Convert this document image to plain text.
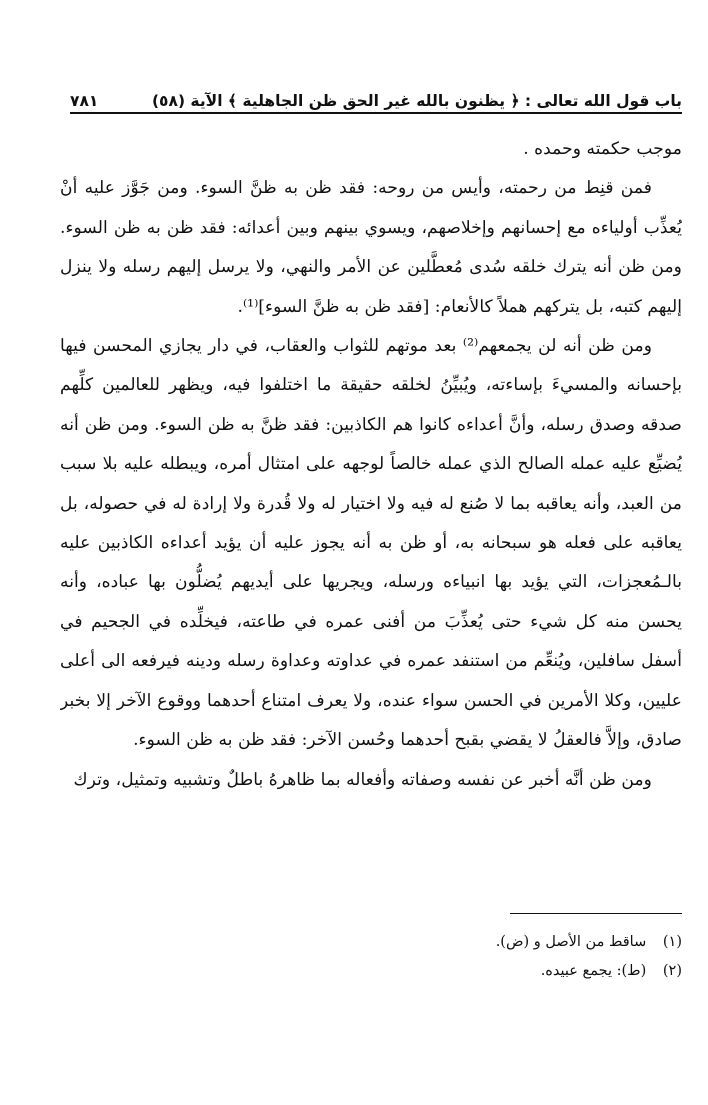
باب قول الله تعالى : ﴿ يظنون بالله غير الحق ظن الجاهلية ﴾ الآية (٥٨)
٧٨١

موجب حكمته وحمده .

فمن قنِط من رحمته، وأيس من روحه: فقد ظن به ظنَّ السوء. ومن جَوَّز عليه أنْ يُعذِّب أولياءه مع إحسانهم وإخلاصهم، ويسوي بينهم وبين أعدائه: فقد ظن به ظن السوء. ومن ظن أنه يترك خلقه سُدى مُعطَّلين عن الأمر والنهي، ولا يرسل إليهم رسله ولا ينزل إليهم كتبه، بل يتركهم هملاً كالأنعام: [فقد ظن به ظنَّ السوء]⁽¹⁾.

ومن ظن أنه لن يجمعهم⁽²⁾ بعد موتهم للثواب والعقاب، في دار يجازي المحسن فيها بإحسانه والمسيءَ بإساءته، ويُبيِّنُ لخلقه حقيقة ما اختلفوا فيه، ويظهر للعالمين كلِّهم صدقه وصدق رسله، وأنَّ أعداءه كانوا هم الكاذبين: فقد ظنَّ به ظن السوء. ومن ظن أنه يُضيِّع عليه عمله الصالح الذي عمله خالصاً لوجهه على امتثال أمره، ويبطله عليه بلا سبب من العبد، وأنه يعاقبه بما لا صُنع له فيه ولا اختيار له ولا قُدرة ولا إرادة له في حصوله، بل يعاقبه على فعله هو سبحانه به، أو ظن به أنه يجوز عليه أن يؤيد أعداءه الكاذبين عليه بالـمُعجزات، التي يؤيد بها انبياءه ورسله، ويجريها على أيديهم يُضلُّون بها عباده، وأنه يحسن منه كل شيء حتى يُعذِّبَ من أفنى عمره في طاعته، فيخلِّده في الجحيم في أسفل سافلين، ويُنعِّم من استنفد عمره في عداوته وعداوة رسله ودينه فيرفعه الى أعلى عليين، وكلا الأمرين في الحسن سواء عنده، ولا يعرف امتناع أحدهما ووقوع الآخر إلا بخبر صادق، وإلاَّ فالعقلُ لا يقضي بقبح أحدهما وحُسن الآخر: فقد ظن به ظن السوء.

ومن ظن أنَّه أخبر عن نفسه وصفاته وأفعاله بما ظاهرهُ باطلٌ وتشبيه وتمثيل، وترك

(١) ساقط من الأصل و (ض).
(٢) (ط): يجمع عبيده.
